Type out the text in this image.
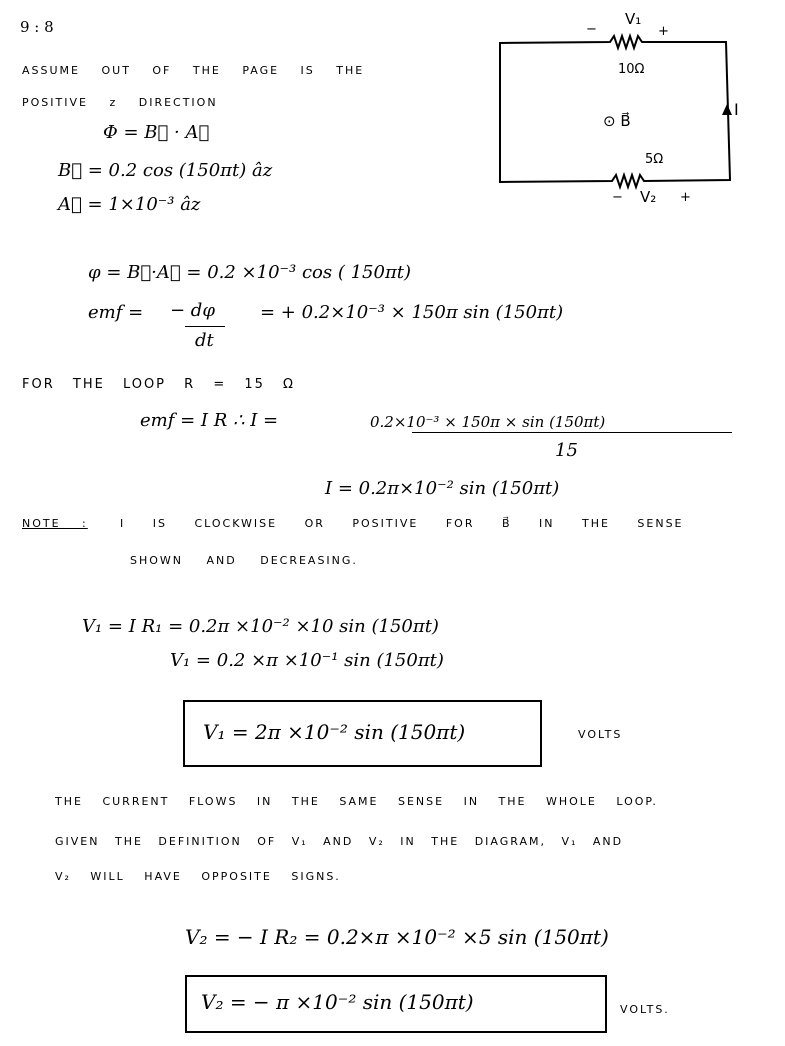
9 : 8
ASSUME OUT OF THE PAGE IS THE
POSITIVE z DIRECTION
Φ = B⃗ · A⃗
B⃗ = 0.2 cos (150πt) âz
A⃗ = 1×10⁻³ âz
−
V₁
+
10Ω
⊙ B⃗
I
5Ω
− V₂ +
φ = B⃗·A⃗ = 0.2 ×10⁻³ cos ( 150πt)
emf = − dφ
dt
= + 0.2×10⁻³ × 150π sin (150πt)
FOR THE LOOP R = 15 Ω
emf = I R ∴ I =	0.2×10⁻³ × 150π × sin (150πt)
15
I = 0.2π×10⁻² sin (150πt)
NOTE :	I IS CLOCKWISE OR POSITIVE FOR B⃗ IN THE SENSE
SHOWN AND DECREASING.
V₁ = I R₁ = 0.2π ×10⁻² ×10 sin (150πt)
V₁ = 0.2 ×π ×10⁻¹ sin (150πt)
V₁ = 2π ×10⁻² sin (150πt)	VOLTS
THE CURRENT FLOWS IN THE SAME SENSE IN THE WHOLE LOOP.
GIVEN THE DEFINITION OF V₁ AND V₂ IN THE DIAGRAM, V₁ AND
V₂ WILL HAVE OPPOSITE SIGNS.
V₂ = − I R₂ = 0.2×π ×10⁻² ×5 sin (150πt)
V₂ = − π ×10⁻² sin (150πt)	VOLTS.
